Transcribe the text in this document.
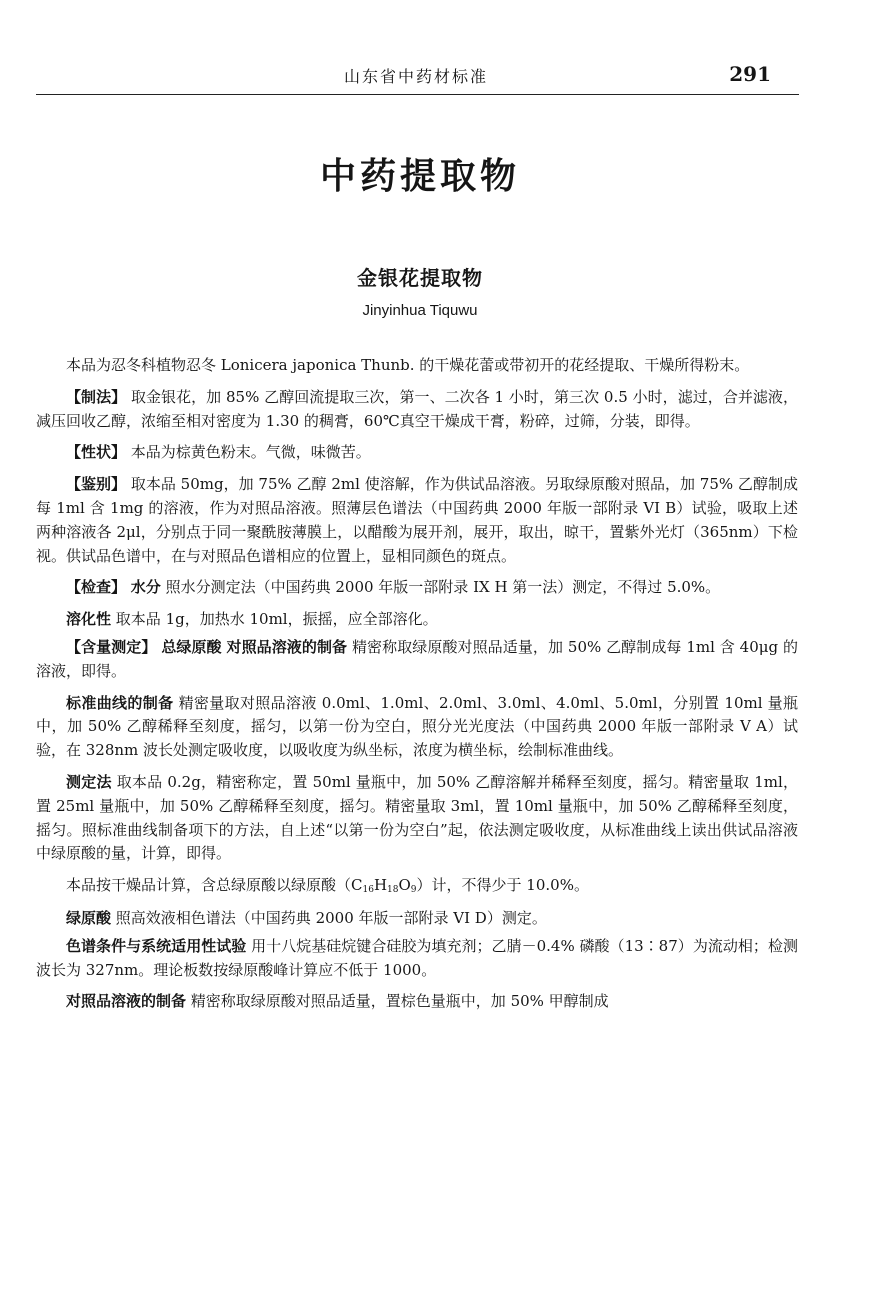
山东省中药材标准	291
中药提取物
金银花提取物
Jinyinhua Tiquwu

本品为忍冬科植物忍冬 Lonicera japonica Thunb. 的干燥花蕾或带初开的花经提取、干燥所得粉末。

【制法】 取金银花，加 85% 乙醇回流提取三次，第一、二次各 1 小时，第三次 0.5 小时，滤过，合并滤液，减压回收乙醇，浓缩至相对密度为 1.30 的稠膏，60℃真空干燥成干膏，粉碎，过筛，分装，即得。

【性状】 本品为棕黄色粉末。气微，味微苦。

【鉴别】 取本品 50mg，加 75% 乙醇 2ml 使溶解，作为供试品溶液。另取绿原酸对照品，加 75% 乙醇制成每 1ml 含 1mg 的溶液，作为对照品溶液。照薄层色谱法（中国药典 2000 年版一部附录 VI B）试验，吸取上述两种溶液各 2μl，分别点于同一聚酰胺薄膜上，以醋酸为展开剂，展开，取出，晾干，置紫外光灯（365nm）下检视。供试品色谱中，在与对照品色谱相应的位置上，显相同颜色的斑点。

【检查】 水分 照水分测定法（中国药典 2000 年版一部附录 IX H 第一法）测定，不得过 5.0%。

溶化性 取本品 1g，加热水 10ml，振摇，应全部溶化。

【含量测定】 总绿原酸 对照品溶液的制备 精密称取绿原酸对照品适量，加 50% 乙醇制成每 1ml 含 40μg 的溶液，即得。

标准曲线的制备 精密量取对照品溶液 0.0ml、1.0ml、2.0ml、3.0ml、4.0ml、5.0ml，分别置 10ml 量瓶中，加 50% 乙醇稀释至刻度，摇匀，以第一份为空白，照分光光度法（中国药典 2000 年版一部附录 V A）试验，在 328nm 波长处测定吸收度，以吸收度为纵坐标，浓度为横坐标，绘制标准曲线。

测定法 取本品 0.2g，精密称定，置 50ml 量瓶中，加 50% 乙醇溶解并稀释至刻度，摇匀。精密量取 1ml，置 25ml 量瓶中，加 50% 乙醇稀释至刻度，摇匀。精密量取 3ml，置 10ml 量瓶中，加 50% 乙醇稀释至刻度，摇匀。照标准曲线制备项下的方法，自上述“以第一份为空白”起，依法测定吸收度，从标准曲线上读出供试品溶液中绿原酸的量，计算，即得。

本品按干燥品计算，含总绿原酸以绿原酸$(C_{16}H_{18}O_9)$计，不得少于 10.0%。

绿原酸 照高效液相色谱法（中国药典 2000 年版一部附录 VI D）测定。

色谱条件与系统适用性试验 用十八烷基硅烷键合硅胶为填充剂；乙腈－0.4% 磷酸（13∶87）为流动相；检测波长为 327nm。理论板数按绿原酸峰计算应不低于 1000。

对照品溶液的制备 精密称取绿原酸对照品适量，置棕色量瓶中，加 50% 甲醇制成
